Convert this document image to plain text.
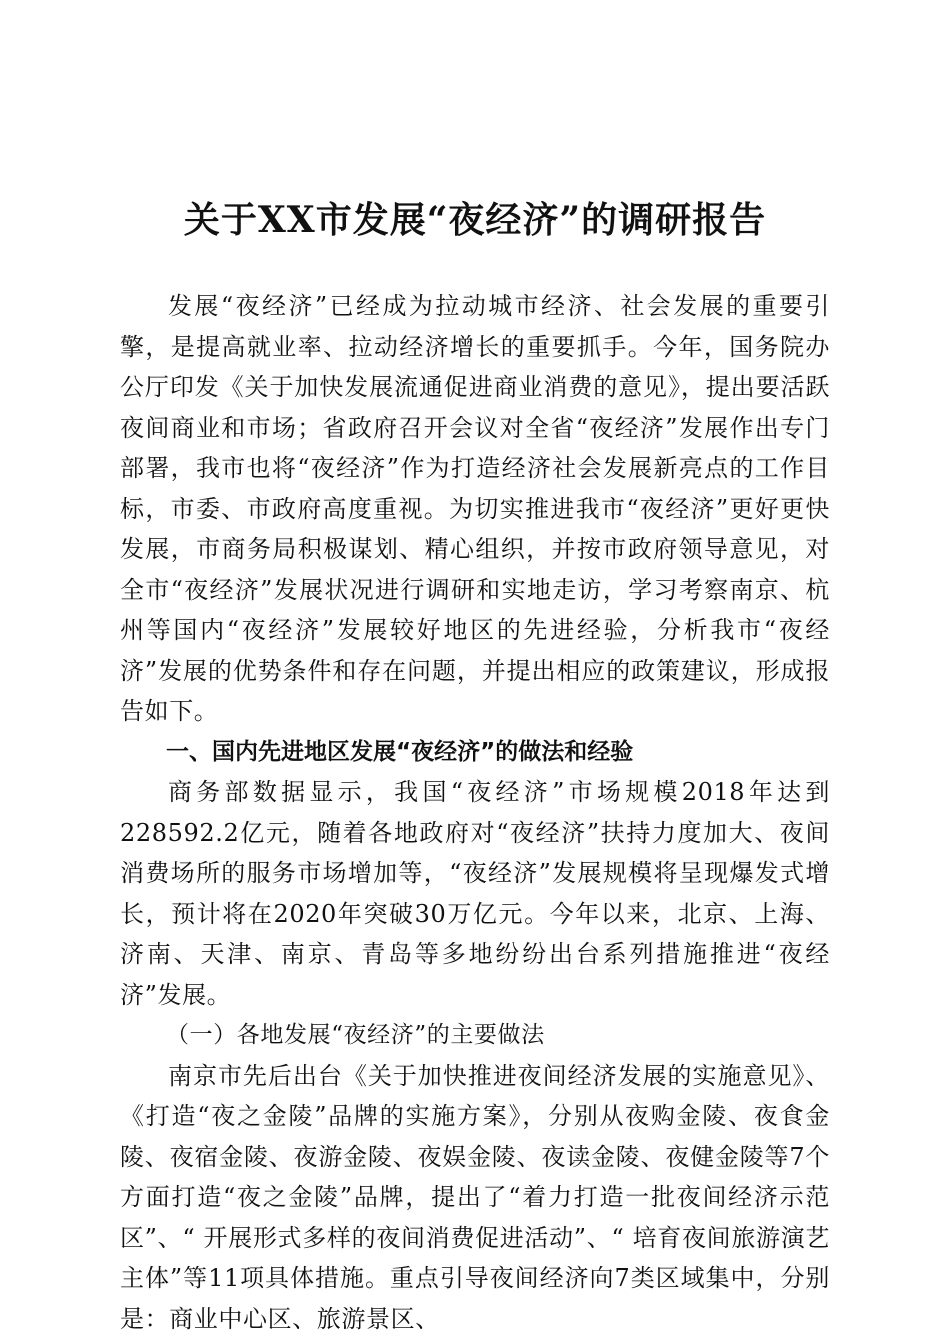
关于XX市发展“夜经济”的调研报告

发展“夜经济”已经成为拉动城市经济、社会发展的重要引擎，是提高就业率、拉动经济增长的重要抓手。今年，国务院办公厅印发《关于加快发展流通促进商业消费的意见》，提出要活跃夜间商业和市场；省政府召开会议对全省“夜经济”发展作出专门部署，我市也将“夜经济”作为打造经济社会发展新亮点的工作目标，市委、市政府高度重视。为切实推进我市“夜经济”更好更快发展，市商务局积极谋划、精心组织，并按市政府领导意见，对全市“夜经济”发展状况进行调研和实地走访，学习考察南京、杭州等国内“夜经济”发展较好地区的先进经验，分析我市“夜经济”发展的优势条件和存在问题，并提出相应的政策建议，形成报告如下。

一、国内先进地区发展“夜经济”的做法和经验

商务部数据显示，我国“夜经济”市场规模2018年达到228592.2亿元，随着各地政府对“夜经济”扶持力度加大、夜间消费场所的服务市场增加等，“夜经济”发展规模将呈现爆发式增长，预计将在2020年突破30万亿元。今年以来，北京、上海、济南、天津、南京、青岛等多地纷纷出台系列措施推进“夜经济”发展。

（一）各地发展“夜经济”的主要做法

南京市先后出台《关于加快推进夜间经济发展的实施意见》、《打造“夜之金陵”品牌的实施方案》，分别从夜购金陵、夜食金陵、夜宿金陵、夜游金陵、夜娱金陵、夜读金陵、夜健金陵等7个方面打造“夜之金陵”品牌，提出了“着力打造一批夜间经济示范区”、“ 开展形式多样的夜间消费促进活动”、“ 培育夜间旅游演艺主体”等11项具体措施。重点引导夜间经济向7类区域集中，分别是：商业中心区、旅游景区、
